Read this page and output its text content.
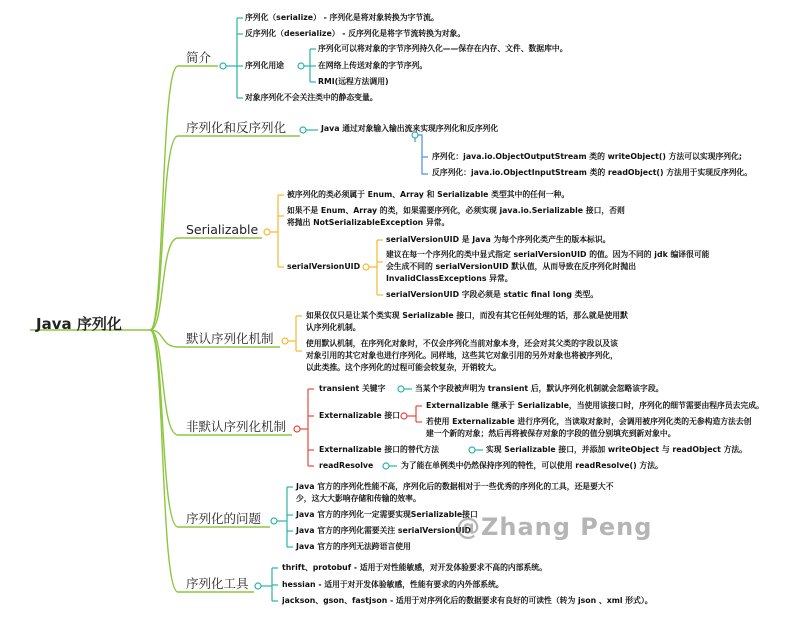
Java 序列化
简介
序列化（serialize） - 序列化是将对象转换为字节流。
反序列化（deserialize） - 反序列化是将字节流转换为对象。
序列化用途
序列化可以将对象的字节序列持久化——保存在内存、文件、数据库中。
在网络上传送对象的字节序列。
RMI(远程方法调用)
对象序列化不会关注类中的静态变量。
序列化和反序列化	Java 通过对象输入输出流来实现序列化和反序列化
序列化：java.io.ObjectOutputStream 类的 writeObject() 方法可以实现序列化;
反序列化：java.io.ObjectInputStream 类的 readObject() 方法用于实现反序列化。
Serializable
被序列化的类必须属于 Enum、Array 和 Serializable 类型其中的任何一种。
如果不是 Enum、Array 的类，如果需要序列化，必须实现 java.io.Serializable 接口，否则
将抛出 NotSerializableException 异常。
serialVersionUID
serialVersionUID 是 Java 为每个序列化类产生的版本标识。
建议在每一个序列化的类中显式指定 serialVersionUID 的值。因为不同的 jdk 编译很可能
会生成不同的 serialVersionUID 默认值，从而导致在反序列化时抛出
InvalidClassExceptions 异常。
serialVersionUID 字段必须是 static final long 类型。
默认序列化机制
如果仅仅只是让某个类实现 Serializable 接口，而没有其它任何处理的话，那么就是使用默
认序列化机制。
使用默认机制，在序列化对象时，不仅会序列化当前对象本身，还会对其父类的字段以及该
对象引用的其它对象也进行序列化。同样地，这些其它对象引用的另外对象也将被序列化，
以此类推。这个序列化的过程可能会较复杂，开销较大。
非默认序列化机制
transient 关键字	当某个字段被声明为 transient 后，默认序列化机制就会忽略该字段。
Externalizable 接口
Externalizable 继承于 Serializable，当使用该接口时，序列化的细节需要由程序员去完成。
若使用 Externalizable 进行序列化，当读取对象时，会调用被序列化类的无参构造方法去创
建一个新的对象；然后再将被保存对象的字段的值分别填充到新对象中。
Externalizable 接口的替代方法	实现 Serializable 接口，并添加 writeObject 与 readObject 方法。
readResolve	为了能在单例类中仍然保持序列的特性，可以使用 readResolve() 方法。
序列化的问题
Java 官方的序列化性能不高，序列化后的数据相对于一些优秀的序列化的工具，还是要大不
少，这大大影响存储和传输的效率。
Java 官方的序列化一定需要实现Serializable接口
Java 官方的序列化需要关注 serialVersionUID
Java 官方的序列无法跨语言使用
序列化工具
thrift、protobuf - 适用于对性能敏感，对开发体验要求不高的内部系统。
hessian - 适用于对开发体验敏感，性能有要求的内外部系统。
jackson、gson、fastjson - 适用于对序列化后的数据要求有良好的可读性（转为 json 、xml 形式）。
@Zhang Peng
